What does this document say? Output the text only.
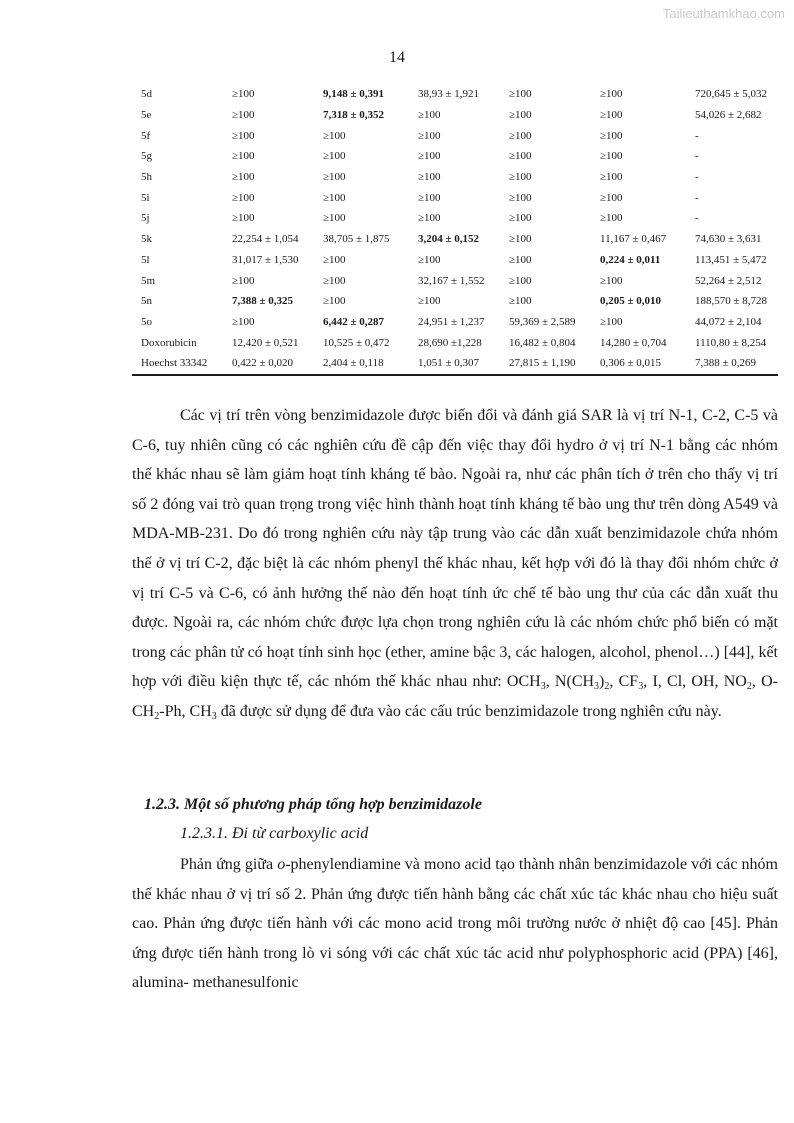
Tailieuthamkhao.com
14
5d	≥100	9,148 ± 0,391	38,93 ± 1,921	≥100	≥100	720,645 ± 5,032
5e	≥100	7,318 ± 0,352	≥100	≥100	≥100	54,026 ± 2,682
5f	≥100	≥100	≥100	≥100	≥100	-
5g	≥100	≥100	≥100	≥100	≥100	-
5h	≥100	≥100	≥100	≥100	≥100	-
5i	≥100	≥100	≥100	≥100	≥100	-
5j	≥100	≥100	≥100	≥100	≥100	-
5k	22,254 ± 1,054	38,705 ± 1,875	3,204 ± 0,152	≥100	11,167 ± 0,467	74,630 ± 3,631
5l	31,017 ± 1,530	≥100	≥100	≥100	0,224 ± 0,011	113,451 ± 5,472
5m	≥100	≥100	32,167 ± 1,552	≥100	≥100	52,264 ± 2,512
5n	7,388 ± 0,325	≥100	≥100	≥100	0,205 ± 0,010	188,570 ± 8,728
5o	≥100	6,442 ± 0,287	24,951 ± 1,237	59,369 ± 2,589	≥100	44,072 ± 2,104
Doxorubicin	12,420 ± 0,521	10,525 ± 0,472	28,690 ±1,228	16,482 ± 0,804	14,280 ± 0,704	1110,80 ± 8,254
Hoechst 33342	0,422 ± 0,020	2,404 ± 0,118	1,051 ± 0,307	27,815 ± 1,190	0,306 ± 0,015	7,388 ± 0,269

Các vị trí trên vòng benzimidazole được biến đổi và đánh giá SAR là vị trí N-1, C-2, C-5 và C-6, tuy nhiên cũng có các nghiên cứu đề cập đến việc thay đổi hydro ở vị trí N-1 bằng các nhóm thế khác nhau sẽ làm giảm hoạt tính kháng tế bào. Ngoài ra, như các phân tích ở trên cho thấy vị trí số 2 đóng vai trò quan trọng trong việc hình thành hoạt tính kháng tế bào ung thư trên dòng A549 và MDA-MB-231. Do đó trong nghiên cứu này tập trung vào các dẫn xuất benzimidazole chứa nhóm thế ở vị trí C-2, đặc biệt là các nhóm phenyl thế khác nhau, kết hợp với đó là thay đổi nhóm chức ở vị trí C-5 và C-6, có ảnh hưởng thế nào đến hoạt tính ức chế tế bào ung thư của các dẫn xuất thu được. Ngoài ra, các nhóm chức được lựa chọn trong nghiên cứu là các nhóm chức phổ biến có mặt trong các phân tử có hoạt tính sinh học (ether, amine bậc 3, các halogen, alcohol, phenol…) [44], kết hợp với điều kiện thực tế, các nhóm thế khác nhau như: $OCH_3$, $N(CH_3)_2$, $CF_3$, I, Cl, OH, $NO_2$, $O-CH_2-Ph$, $CH_3$ đã được sử dụng để đưa vào các cấu trúc benzimidazole trong nghiên cứu này.

1.2.3. Một số phương pháp tổng hợp benzimidazole
1.2.3.1. Đi từ carboxylic acid

Phản ứng giữa o-phenylendiamine và mono acid tạo thành nhân benzimidazole với các nhóm thế khác nhau ở vị trí số 2. Phản ứng được tiến hành bằng các chất xúc tác khác nhau cho hiệu suất cao. Phản ứng được tiến hành với các mono acid trong môi trường nước ở nhiệt độ cao [45]. Phản ứng được tiến hành trong lò vi sóng với các chất xúc tác acid như polyphosphoric acid (PPA) [46], alumina- methanesulfonic
